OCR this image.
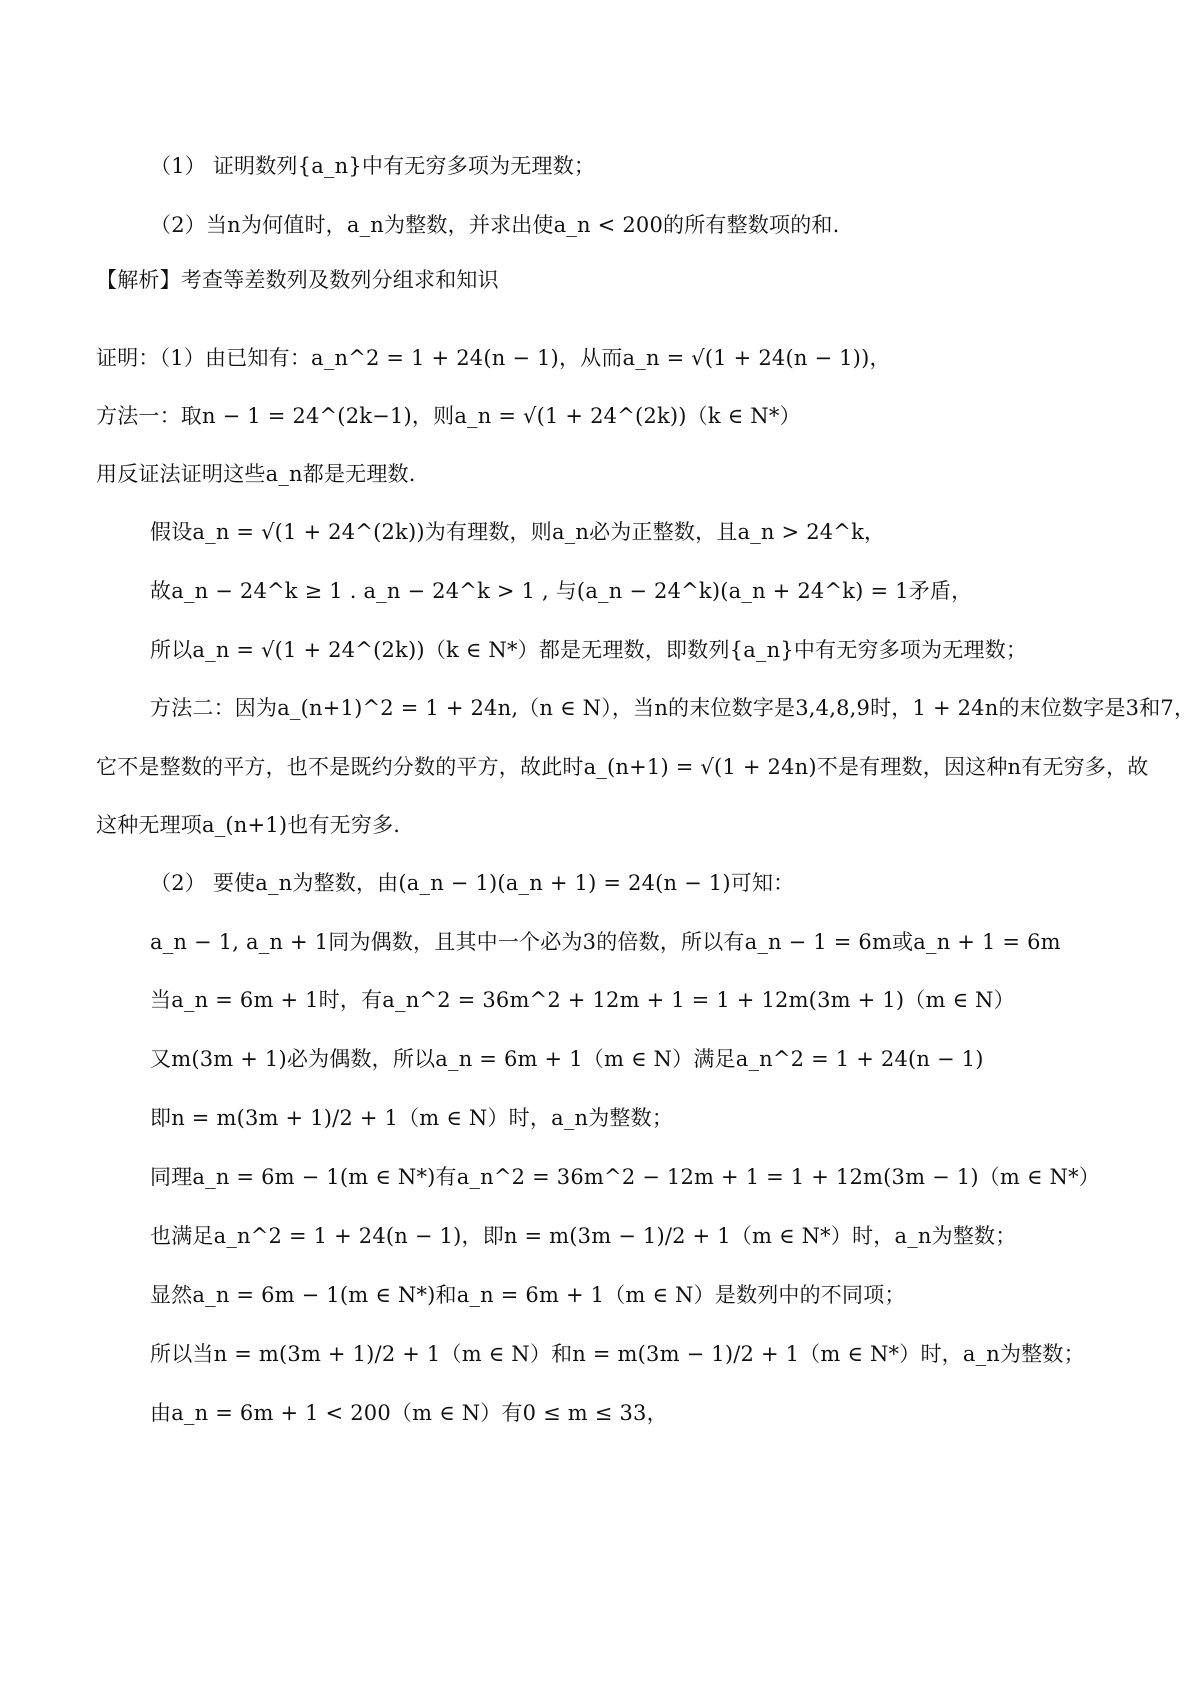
（1） 证明数列{a_n}中有无穷多项为无理数；
（2）当n为何值时，a_n为整数，并求出使a_n < 200的所有整数项的和.
【解析】考查等差数列及数列分组求和知识
证明：（1）由已知有：a_n^2 = 1 + 24(n − 1)，从而a_n = √(1 + 24(n − 1))，
方法一：取n − 1 = 24^(2k−1)，则a_n = √(1 + 24^(2k))（k ∈ N*）
用反证法证明这些a_n都是无理数.
假设a_n = √(1 + 24^(2k))为有理数，则a_n必为正整数，且a_n > 24^k，
故a_n − 24^k ≥ 1 . a_n − 24^k > 1 , 与(a_n − 24^k)(a_n + 24^k) = 1矛盾，
所以a_n = √(1 + 24^(2k))（k ∈ N*）都是无理数，即数列{a_n}中有无穷多项为无理数；
方法二：因为a_(n+1)^2 = 1 + 24n,（n ∈ N），当n的末位数字是3,4,8,9时，1 + 24n的末位数字是3和7，
它不是整数的平方，也不是既约分数的平方，故此时a_(n+1) = √(1 + 24n)不是有理数，因这种n有无穷多，故
这种无理项a_(n+1)也有无穷多.
（2） 要使a_n为整数，由(a_n − 1)(a_n + 1) = 24(n − 1)可知：
a_n − 1, a_n + 1同为偶数，且其中一个必为3的倍数，所以有a_n − 1 = 6m或a_n + 1 = 6m
当a_n = 6m + 1时，有a_n^2 = 36m^2 + 12m + 1 = 1 + 12m(3m + 1)（m ∈ N）
又m(3m + 1)必为偶数，所以a_n = 6m + 1（m ∈ N）满足a_n^2 = 1 + 24(n − 1)
即n = m(3m + 1)/2 + 1（m ∈ N）时，a_n为整数；
同理a_n = 6m − 1(m ∈ N*)有a_n^2 = 36m^2 − 12m + 1 = 1 + 12m(3m − 1)（m ∈ N*）
也满足a_n^2 = 1 + 24(n − 1)，即n = m(3m − 1)/2 + 1（m ∈ N*）时，a_n为整数；
显然a_n = 6m − 1(m ∈ N*)和a_n = 6m + 1（m ∈ N）是数列中的不同项；
所以当n = m(3m + 1)/2 + 1（m ∈ N）和n = m(3m − 1)/2 + 1（m ∈ N*）时，a_n为整数；
由a_n = 6m + 1 < 200（m ∈ N）有0 ≤ m ≤ 33，
